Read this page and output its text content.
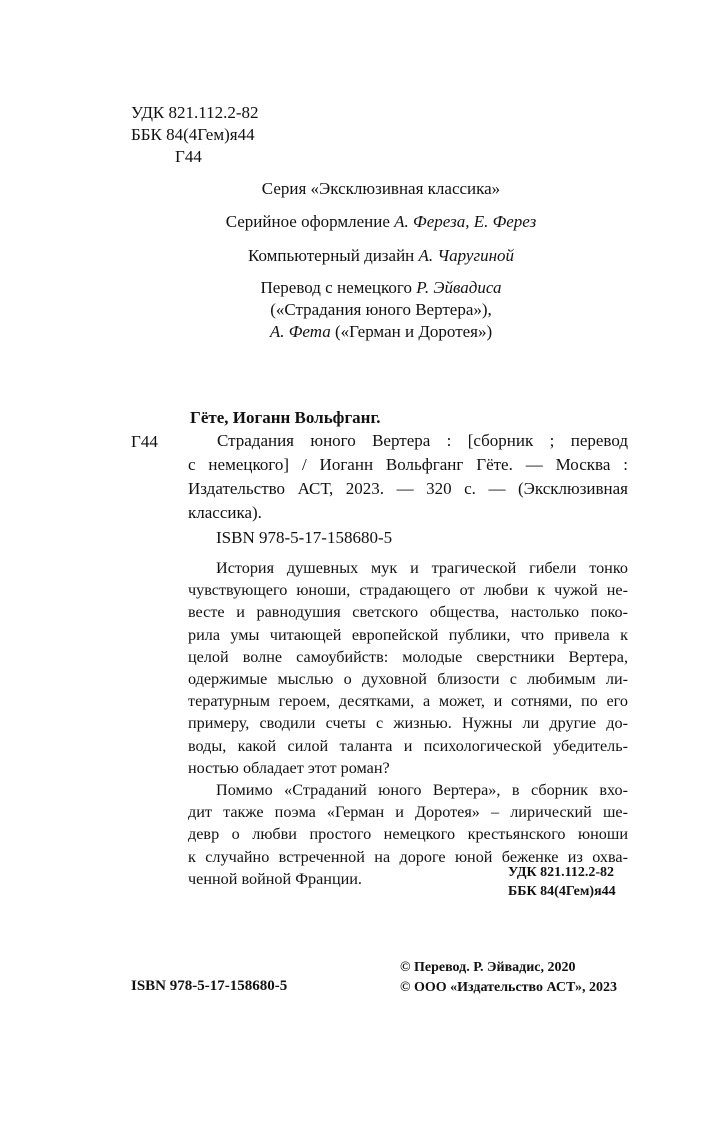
УДК 821.112.2-82
ББК 84(4Гем)я44
Г44
Серия «Эксклюзивная классика»
Серийное оформление А. Фереза, Е. Ферез
Компьютерный дизайн А. Чаругиной
Перевод с немецкого Р. Эйвадиса
(«Страдания юного Вертера»),
А. Фета («Герман и Доротея»)
Гёте, Иоганн Вольфганг.
Г44	Страдания юного Вертера : [сборник ; перевод
с немецкого] / Иоганн Вольфганг Гёте. — Москва :
Издательство АСТ, 2023. — 320 с. — (Эксклюзивная
классика).
ISBN 978-5-17-158680-5
История душевных мук и трагической гибели тонко
чувствующего юноши, страдающего от любви к чужой не-
весте и равнодушия светского общества, настолько поко-
рила умы читающей европейской публики, что привела к
целой волне самоубийств: молодые сверстники Вертера,
одержимые мыслью о духовной близости с любимым ли-
тературным героем, десятками, а может, и сотнями, по его
примеру, сводили счеты с жизнью. Нужны ли другие до-
воды, какой силой таланта и психологической убедитель-
ностью обладает этот роман?
Помимо «Страданий юного Вертера», в сборник вхо-
дит также поэма «Герман и Доротея» – лирический ше-
девр о любви простого немецкого крестьянского юноши
к случайно встреченной на дороге юной беженке из охва-
ченной войной Франции.	УДК 821.112.2-82
ББК 84(4Гем)я44
ISBN 978-5-17-158680-5
© Перевод. Р. Эйвадис, 2020
© ООО «Издательство АСТ», 2023
